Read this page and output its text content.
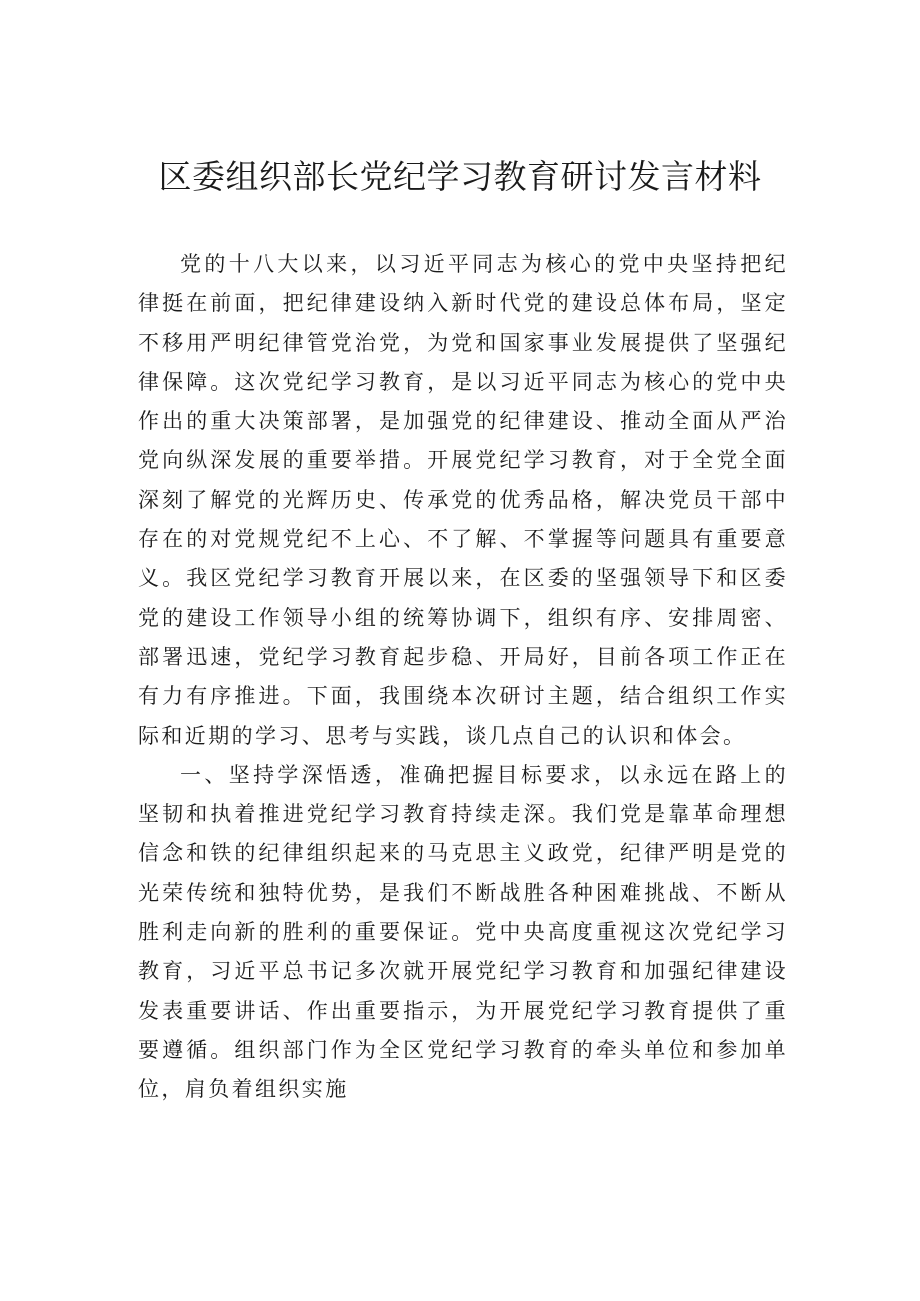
区委组织部长党纪学习教育研讨发言材料

党的十八大以来，以习近平同志为核心的党中央坚持把纪律挺在前面，把纪律建设纳入新时代党的建设总体布局，坚定不移用严明纪律管党治党，为党和国家事业发展提供了坚强纪律保障。这次党纪学习教育，是以习近平同志为核心的党中央作出的重大决策部署，是加强党的纪律建设、推动全面从严治党向纵深发展的重要举措。开展党纪学习教育，对于全党全面深刻了解党的光辉历史、传承党的优秀品格，解决党员干部中存在的对党规党纪不上心、不了解、不掌握等问题具有重要意义。我区党纪学习教育开展以来，在区委的坚强领导下和区委党的建设工作领导小组的统筹协调下，组织有序、安排周密、部署迅速，党纪学习教育起步稳、开局好，目前各项工作正在有力有序推进。下面，我围绕本次研讨主题，结合组织工作实际和近期的学习、思考与实践，谈几点自己的认识和体会。

一、坚持学深悟透，准确把握目标要求，以永远在路上的坚韧和执着推进党纪学习教育持续走深。我们党是靠革命理想信念和铁的纪律组织起来的马克思主义政党，纪律严明是党的光荣传统和独特优势，是我们不断战胜各种困难挑战、不断从胜利走向新的胜利的重要保证。党中央高度重视这次党纪学习教育，习近平总书记多次就开展党纪学习教育和加强纪律建设发表重要讲话、作出重要指示，为开展党纪学习教育提供了重要遵循。组织部门作为全区党纪学习教育的牵头单位和参加单位，肩负着组织实施
